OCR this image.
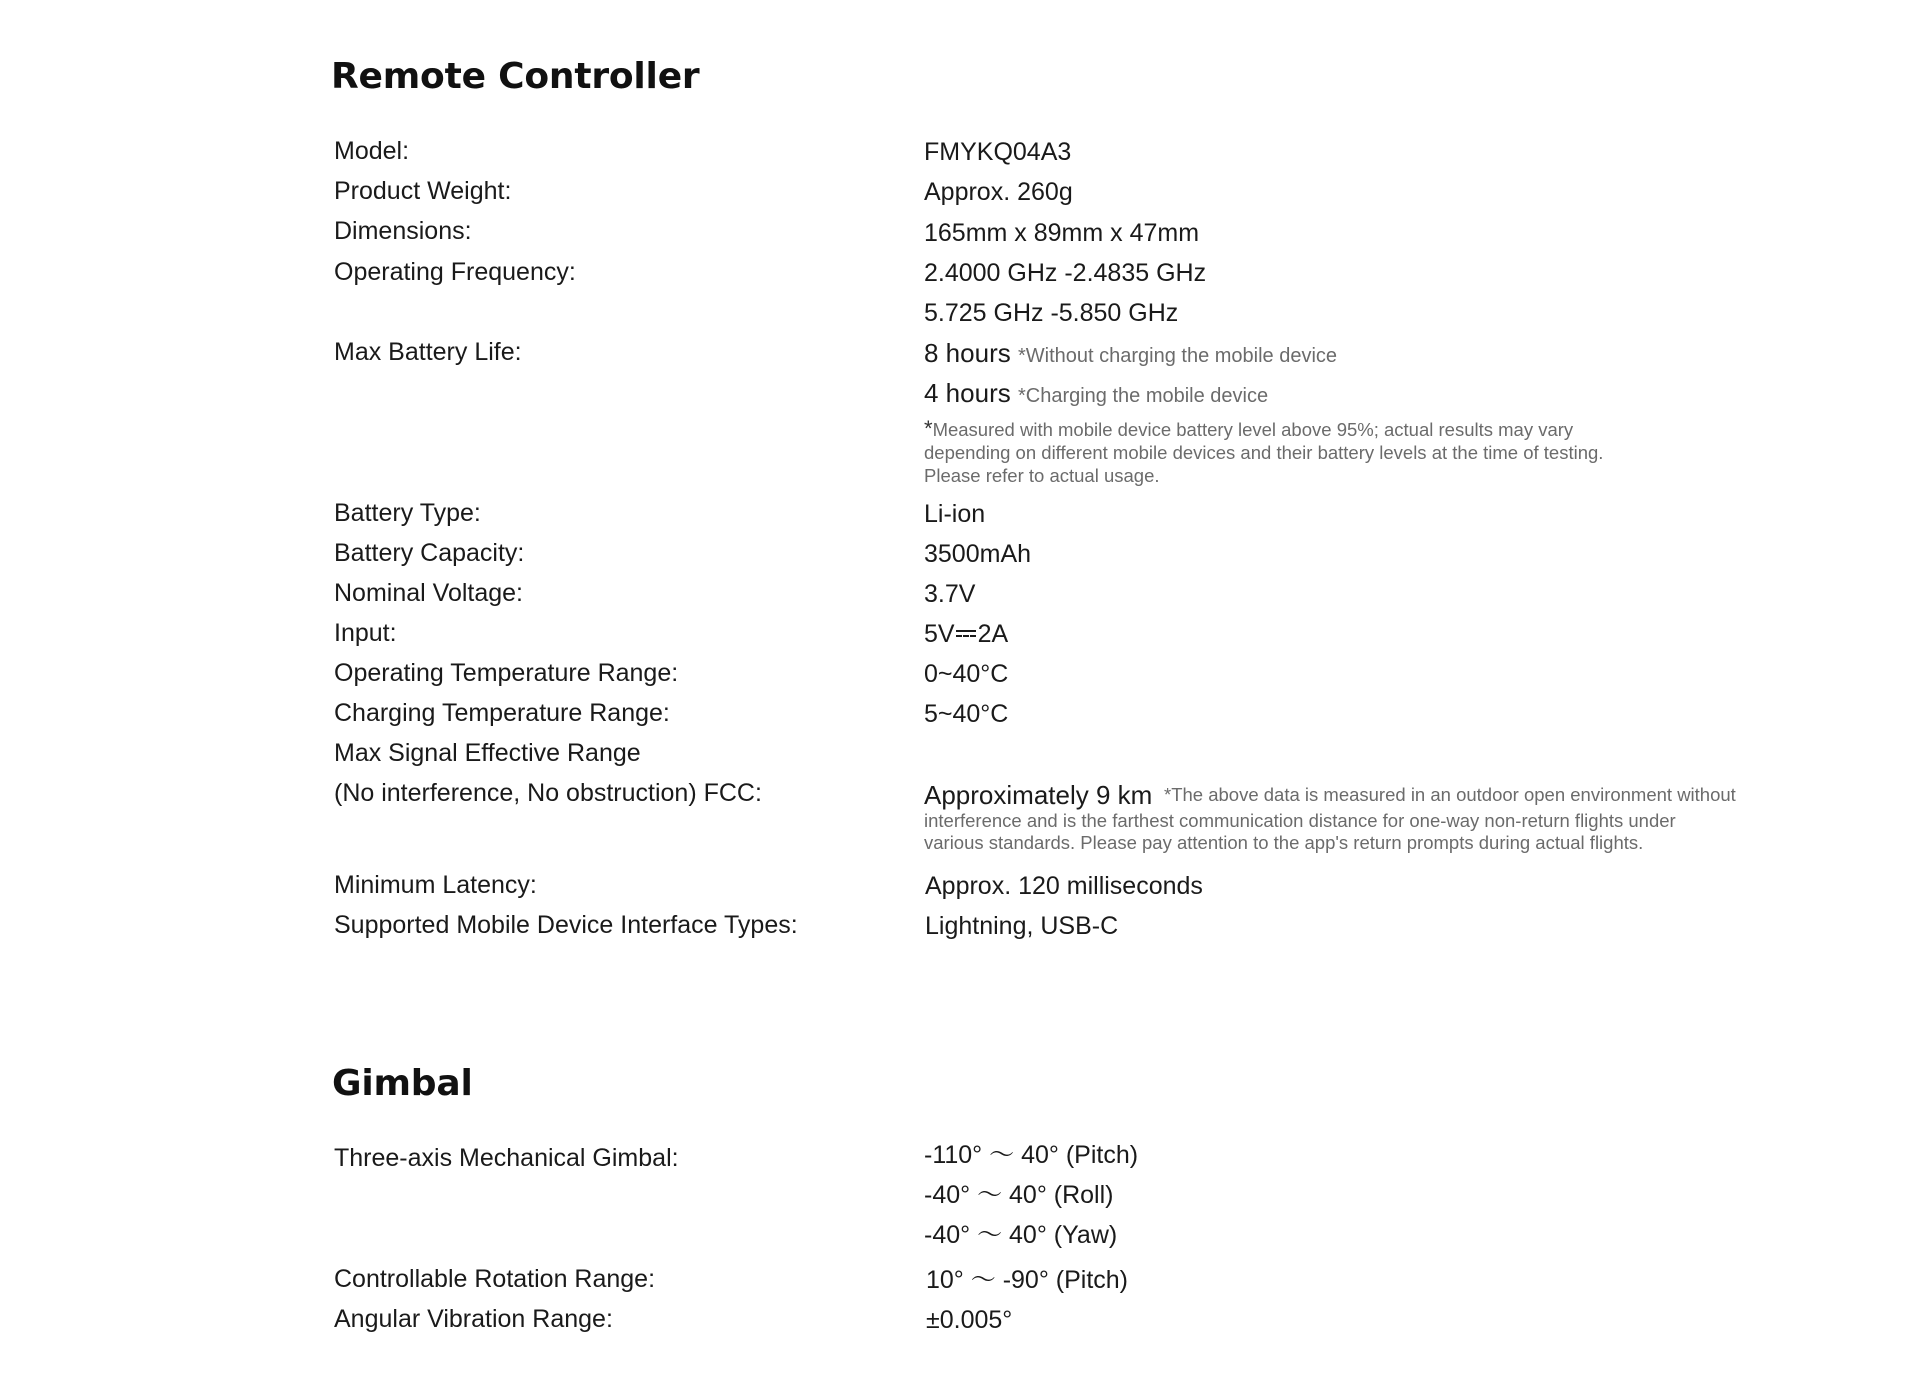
Remote Controller
Model:	FMYKQ04A3
Product Weight:	Approx. 260g
Dimensions:	165mm x 89mm x 47mm
Operating Frequency:	2.4000 GHz -2.4835 GHz
5.725 GHz -5.850 GHz
Max Battery Life:	8 hours *Without charging the mobile device
4 hours *Charging the mobile device
*Measured with mobile device battery level above 95%; actual results may vary
depending on different mobile devices and their battery levels at the time of testing.
Please refer to actual usage.
Battery Type:	Li-ion
Battery Capacity:	3500mAh
Nominal Voltage:	3.7V
Input:	5V 2A
Operating Temperature Range:	0~40°C
Charging Temperature Range:	5~40°C
Max Signal Effective Range
(No interference, No obstruction) FCC:	Approximately 9 km *The above data is measured in an outdoor open environment without
interference and is the farthest communication distance for one-way non-return flights under
various standards. Please pay attention to the app's return prompts during actual flights.
Minimum Latency:	Approx. 120 milliseconds
Supported Mobile Device Interface Types:	Lightning, USB-C
Gimbal
Three-axis Mechanical Gimbal:	-110° ～ 40° (Pitch)
-40° ～ 40° (Roll)
-40° ～ 40° (Yaw)
Controllable Rotation Range:	10° ～ -90° (Pitch)
Angular Vibration Range:	±0.005°
